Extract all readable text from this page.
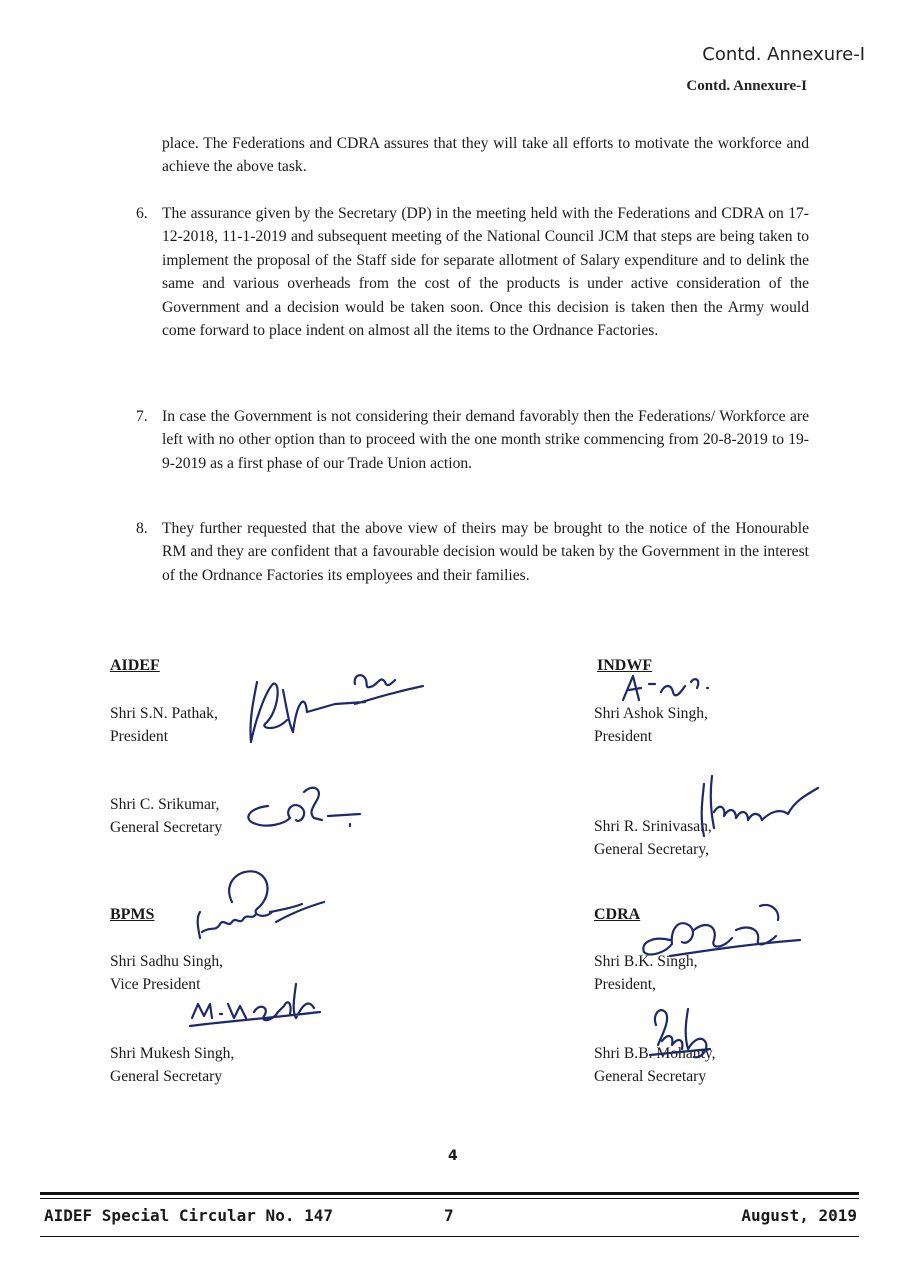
Contd. Annexure-I
Contd. Annexure-I
place. The Federations and CDRA assures that they will take all efforts to motivate the workforce and achieve the above task.
6. The assurance given by the Secretary (DP) in the meeting held with the Federations and CDRA on 17-12-2018, 11-1-2019 and subsequent meeting of the National Council JCM that steps are being taken to implement the proposal of the Staff side for separate allotment of Salary expenditure and to delink the same and various overheads from the cost of the products is under active consideration of the Government and a decision would be taken soon. Once this decision is taken then the Army would come forward to place indent on almost all the items to the Ordnance Factories.
7. In case the Government is not considering their demand favorably then the Federations/ Workforce are left with no other option than to proceed with the one month strike commencing from 20-8-2019 to 19-9-2019 as a first phase of our Trade Union action.
8. They further requested that the above view of theirs may be brought to the notice of the Honourable RM and they are confident that a favourable decision would be taken by the Government in the interest of the Ordnance Factories its employees and their families.
AIDEF
Shri S.N. Pathak,
President
Shri C. Srikumar,
General Secretary
BPMS
Shri Sadhu Singh,
Vice President
Shri Mukesh Singh,
General Secretary
INDWF
Shri Ashok Singh,
President
Shri R. Srinivasan,
General Secretary,
CDRA
Shri B.K. Singh,
President,
Shri B.B. Mohanty,
General Secretary
4
AIDEF Special Circular No. 147	7	August, 2019
